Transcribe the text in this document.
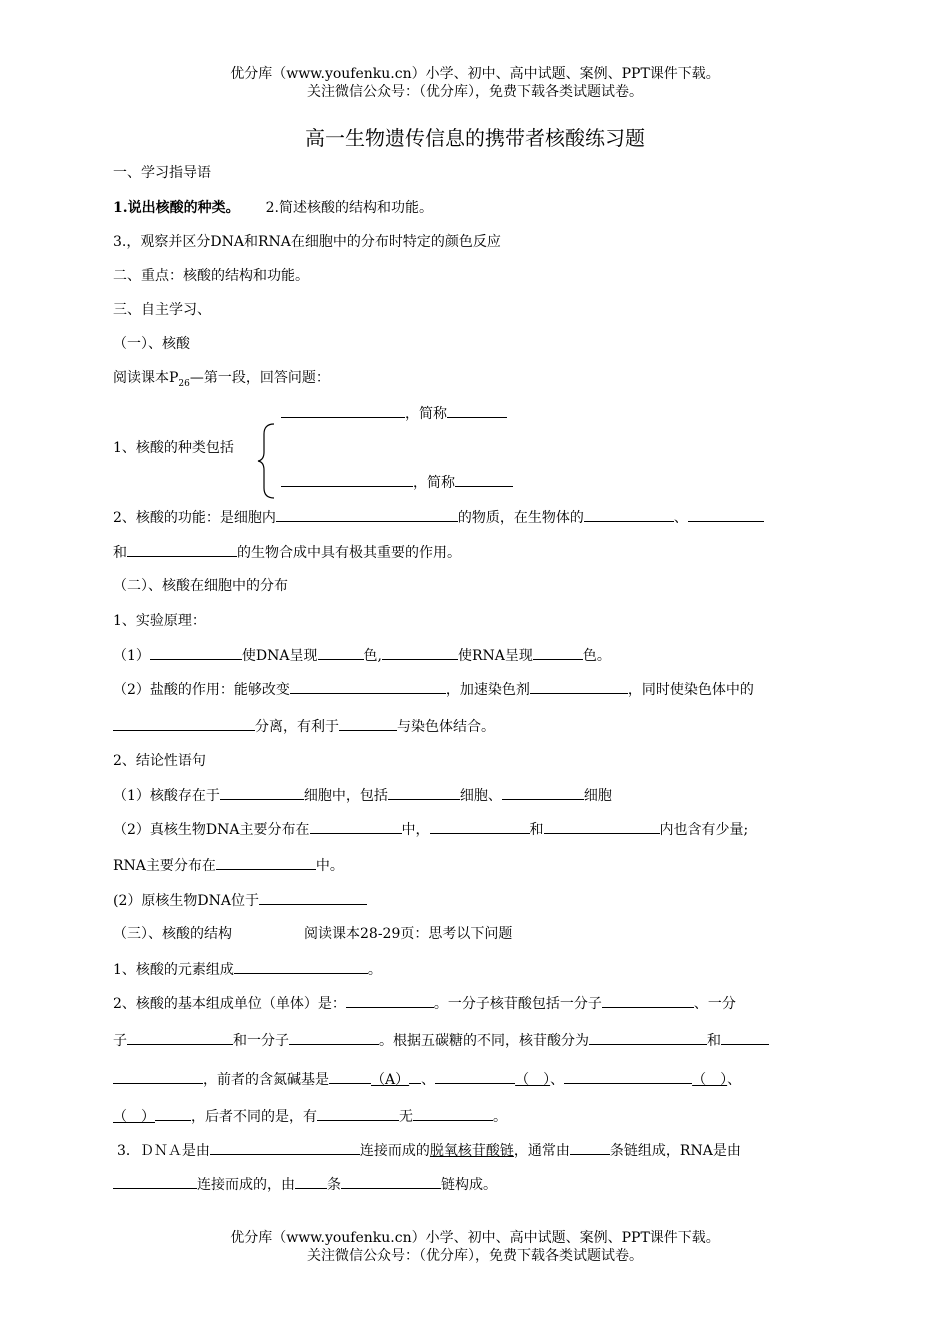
优分库（www.youfenku.cn）小学、初中、高中试题、案例、PPT课件下载。
关注微信公众号：（优分库），免费下载各类试题试卷。
高一生物遗传信息的携带者核酸练习题
一、学习指导语
1.说出核酸的种类。 2.简述核酸的结构和功能。
3.，观察并区分DNA和RNA在细胞中的分布时特定的颜色反应
二、重点：核酸的结构和功能。
三、自主学习、
（一）、核酸
阅读课本$P_{26}—$第一段，回答问题：
，简称
1、核酸的种类包括
，简称
2、核酸的功能：是细胞内	的物质，在生物体的	、
和	的生物合成中具有极其重要的作用。
（二）、核酸在细胞中的分布
1、实验原理：
（1）	使DNA呈现	色,	使RNA呈现	色。
（2）盐酸的作用：能够改变	，加速染色剂	，同时使染色体中的
分离，有利于	与染色体结合。
2、结论性语句
（1）核酸存在于	细胞中，包括	细胞、	细胞
（2）真核生物DNA主要分布在	中，	和	内也含有少量;
RNA主要分布在	中。
(2）原核生物DNA位于
（三）、核酸的结构	阅读课本28-29页：思考以下问题
1、核酸的元素组成	。
2、核酸的基本组成单位（单体）是：	。一分子核苷酸包括一分子	、一分
子	和一分子	。根据五碳糖的不同，核苷酸分为	和
，前者的含氮碱基是	（A） 、	（　）、	（　）、
（　）	，后者不同的是，有	无	。
3．ＤＮＡ是由	连接而成的脱氧核苷酸链，通常由	条链组成，RNA是由
连接而成的，由 条	链构成。
优分库（www.youfenku.cn）小学、初中、高中试题、案例、PPT课件下载。
关注微信公众号：（优分库），免费下载各类试题试卷。
